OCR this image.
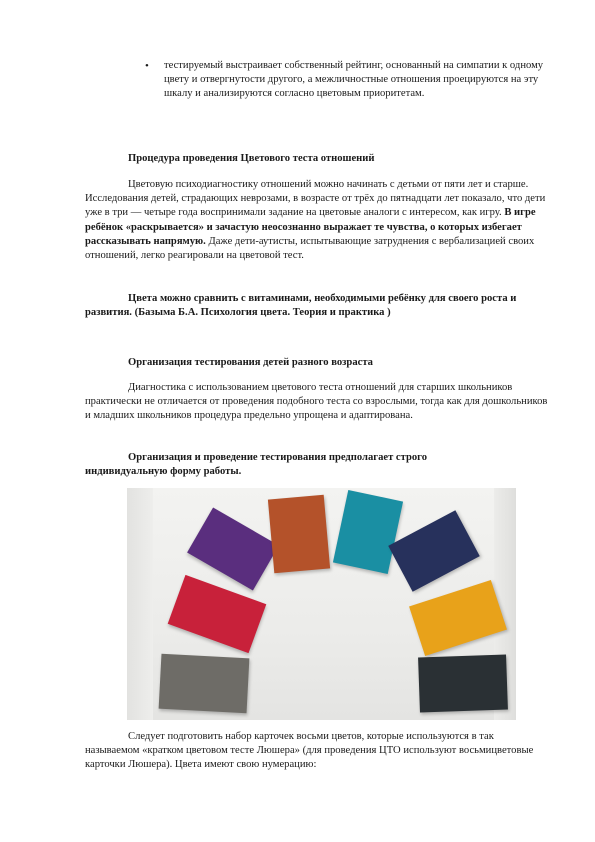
• тестируемый выстраивает собственный рейтинг, основанный на симпатии к одному цвету и отвергнутости другого, а межличностные отношения проецируются на эту шкалу и анализируются согласно цветовым приоритетам.

Процедура проведения Цветового теста отношений

Цветовую психодиагностику отношений можно начинать с детьми от пяти лет и старше. Исследования детей, страдающих неврозами, в возрасте от трёх до пятнадцати лет показало, что дети уже в три — четыре года воспринимали задание на цветовые аналоги с интересом, как игру. В игре ребёнок «раскрывается» и зачастую неосознанно выражает те чувства, о которых избегает рассказывать напрямую. Даже дети-аутисты, испытывающие затруднения с вербализацией своих отношений, легко реагировали на цветовой тест.

Цвета можно сравнить с витаминами, необходимыми ребёнку для своего роста и развития. (Базыма Б.А. Психология цвета. Теория и практика )

Организация тестирования детей разного возраста

Диагностика с использованием цветового теста отношений для старших школьников практически не отличается от проведения подобного теста со взрослыми, тогда как для дошкольников и младших школьников процедура предельно упрощена и адаптирована.

Организация и проведение тестирования предполагает строго индивидуальную форму работы.

Следует подготовить набор карточек восьми цветов, которые используются в так называемом «кратком цветовом тесте Люшера» (для проведения ЦТО используют восьмицветовые карточки Люшера). Цвета имеют свою нумерацию:
